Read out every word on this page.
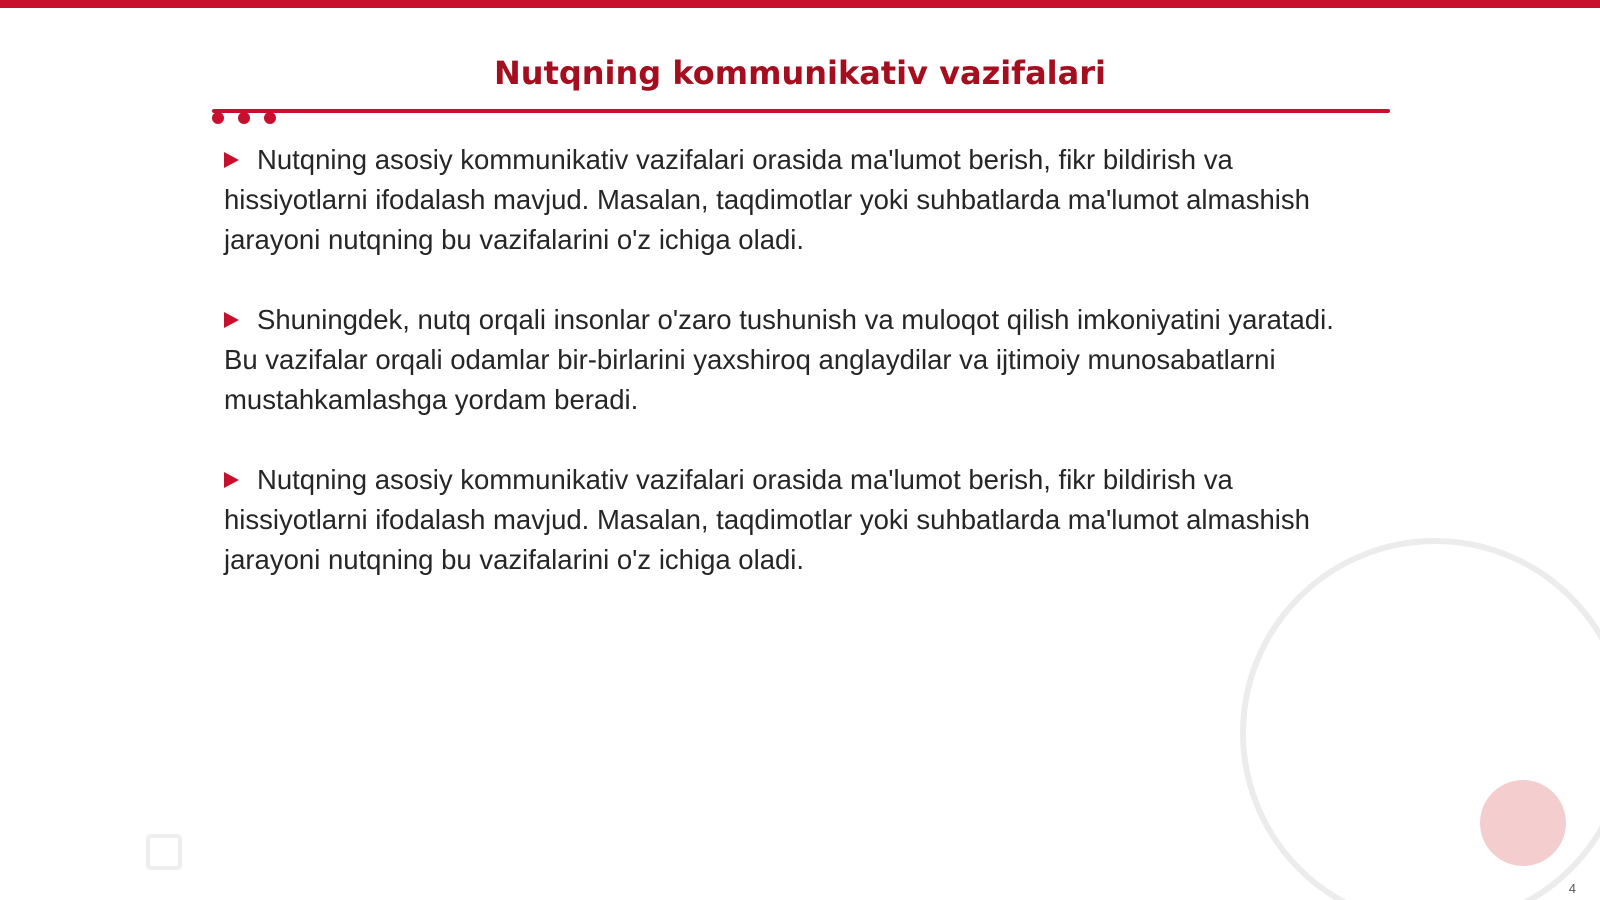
Nutqning kommunikativ vazifalari

Nutqning asosiy kommunikativ vazifalari orasida ma'lumot berish, fikr bildirish va hissiyotlarni ifodalash mavjud. Masalan, taqdimotlar yoki suhbatlarda ma'lumot almashish jarayoni nutqning bu vazifalarini o'z ichiga oladi.

Shuningdek, nutq orqali insonlar o'zaro tushunish va muloqot qilish imkoniyatini yaratadi. Bu vazifalar orqali odamlar bir-birlarini yaxshiroq anglaydilar va ijtimoiy munosabatlarni mustahkamlashga yordam beradi.

Nutqning asosiy kommunikativ vazifalari orasida ma'lumot berish, fikr bildirish va hissiyotlarni ifodalash mavjud. Masalan, taqdimotlar yoki suhbatlarda ma'lumot almashish jarayoni nutqning bu vazifalarini o'z ichiga oladi.

4
